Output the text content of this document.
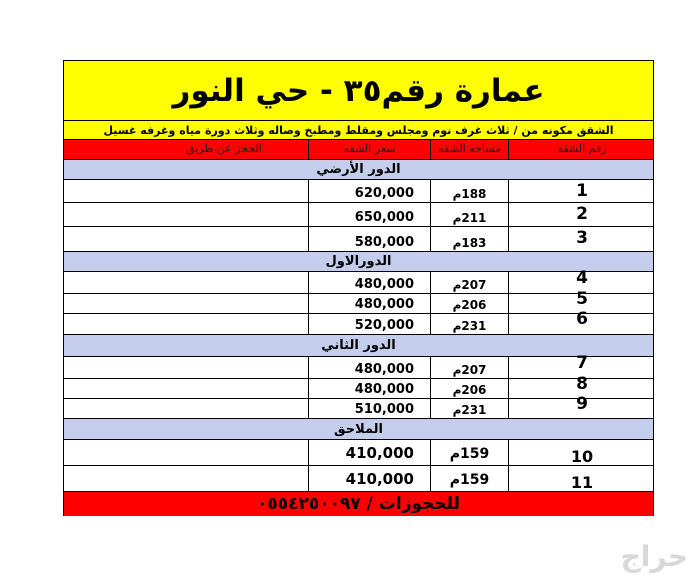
عمارة رقم٣٥ - حي النور
الشقق مكونه من / ثلاث غرف نوم ومجلس ومقلط ومطبخ وصاله وثلاث دورة مياه وغرفه غسيل
الحجز عن طريق	سعر الشقه	مساحه الشقه	رقم الشقه
الدور الأرضي
620,000	188م	1
650,000	211م	2
580,000	183م	3
الدورالاول
480,000	207م	4
480,000	206م	5
520,000	231م	6
الدور الثاني
480,000	207م	7
480,000	206م	8
510,000	231م	9
الملاحق
410,000	159م	10
410,000	159م	11
للحجوزات / ٠٥٥٤٢٥٠٠٩٧
حراج
